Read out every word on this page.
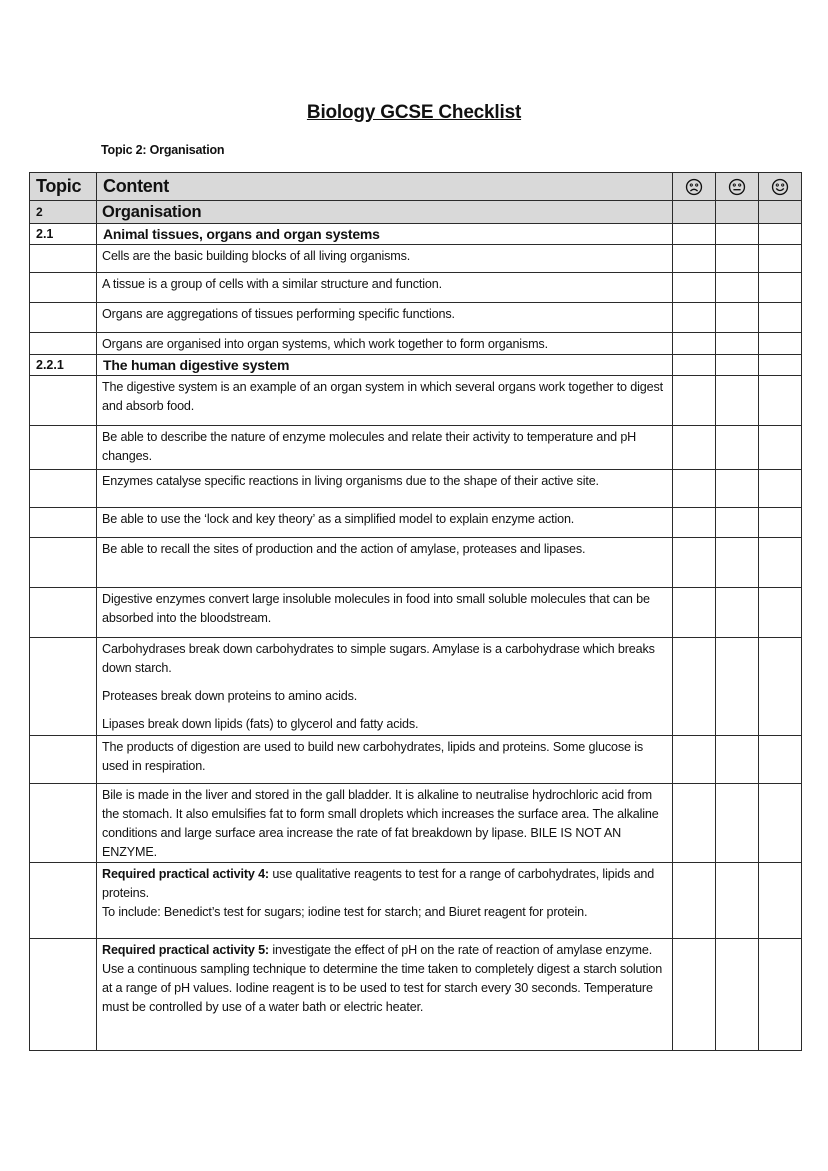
Biology GCSE Checklist
Topic 2: Organisation
Topic	Content			
2	Organisation			
2.1	Animal tissues, organs and organ systems			

	Cells are the basic building blocks of all living organisms.			

	A tissue is a group of cells with a similar structure and function.			

	Organs are aggregations of tissues performing specific functions.			

	Organs are organised into organ systems, which work together to form organisms.			

2.2.1	The human digestive system			

	The digestive system is an example of an organ system in which several organs work together to digest and absorb food.			

	Be able to describe the nature of enzyme molecules and relate their activity to temperature and pH changes.			

	Enzymes catalyse specific reactions in living organisms due to the shape of their active site.			

	Be able to use the ‘lock and key theory’ as a simplified model to explain enzyme action.			

	Be able to recall the sites of production and the action of amylase, proteases and lipases.			

	Digestive enzymes convert large insoluble molecules in food into small soluble molecules that can be absorbed into the bloodstream.			

	Carbohydrases break down carbohydrates to simple sugars. Amylase is a carbohydrase which breaks down starch.

Proteases break down proteins to amino acids.

Lipases break down lipids (fats) to glycerol and fatty acids.			

	The products of digestion are used to build new carbohydrates, lipids and proteins. Some glucose is used in respiration.			

	Bile is made in the liver and stored in the gall bladder. It is alkaline to neutralise hydrochloric acid from the stomach. It also emulsifies fat to form small droplets which increases the surface area. The alkaline conditions and large surface area increase the rate of fat breakdown by lipase. BILE IS NOT AN ENZYME.			

	Required practical activity 4: use qualitative reagents to test for a range of carbohydrates, lipids and proteins.

To include: Benedict’s test for sugars; iodine test for starch; and Biuret reagent for protein.			

	Required practical activity 5: investigate the effect of pH on the rate of reaction of amylase enzyme.

Use a continuous sampling technique to determine the time taken to completely digest a starch solution at a range of pH values. Iodine reagent is to be used to test for starch every 30 seconds. Temperature must be controlled by use of a water bath or electric heater.			
